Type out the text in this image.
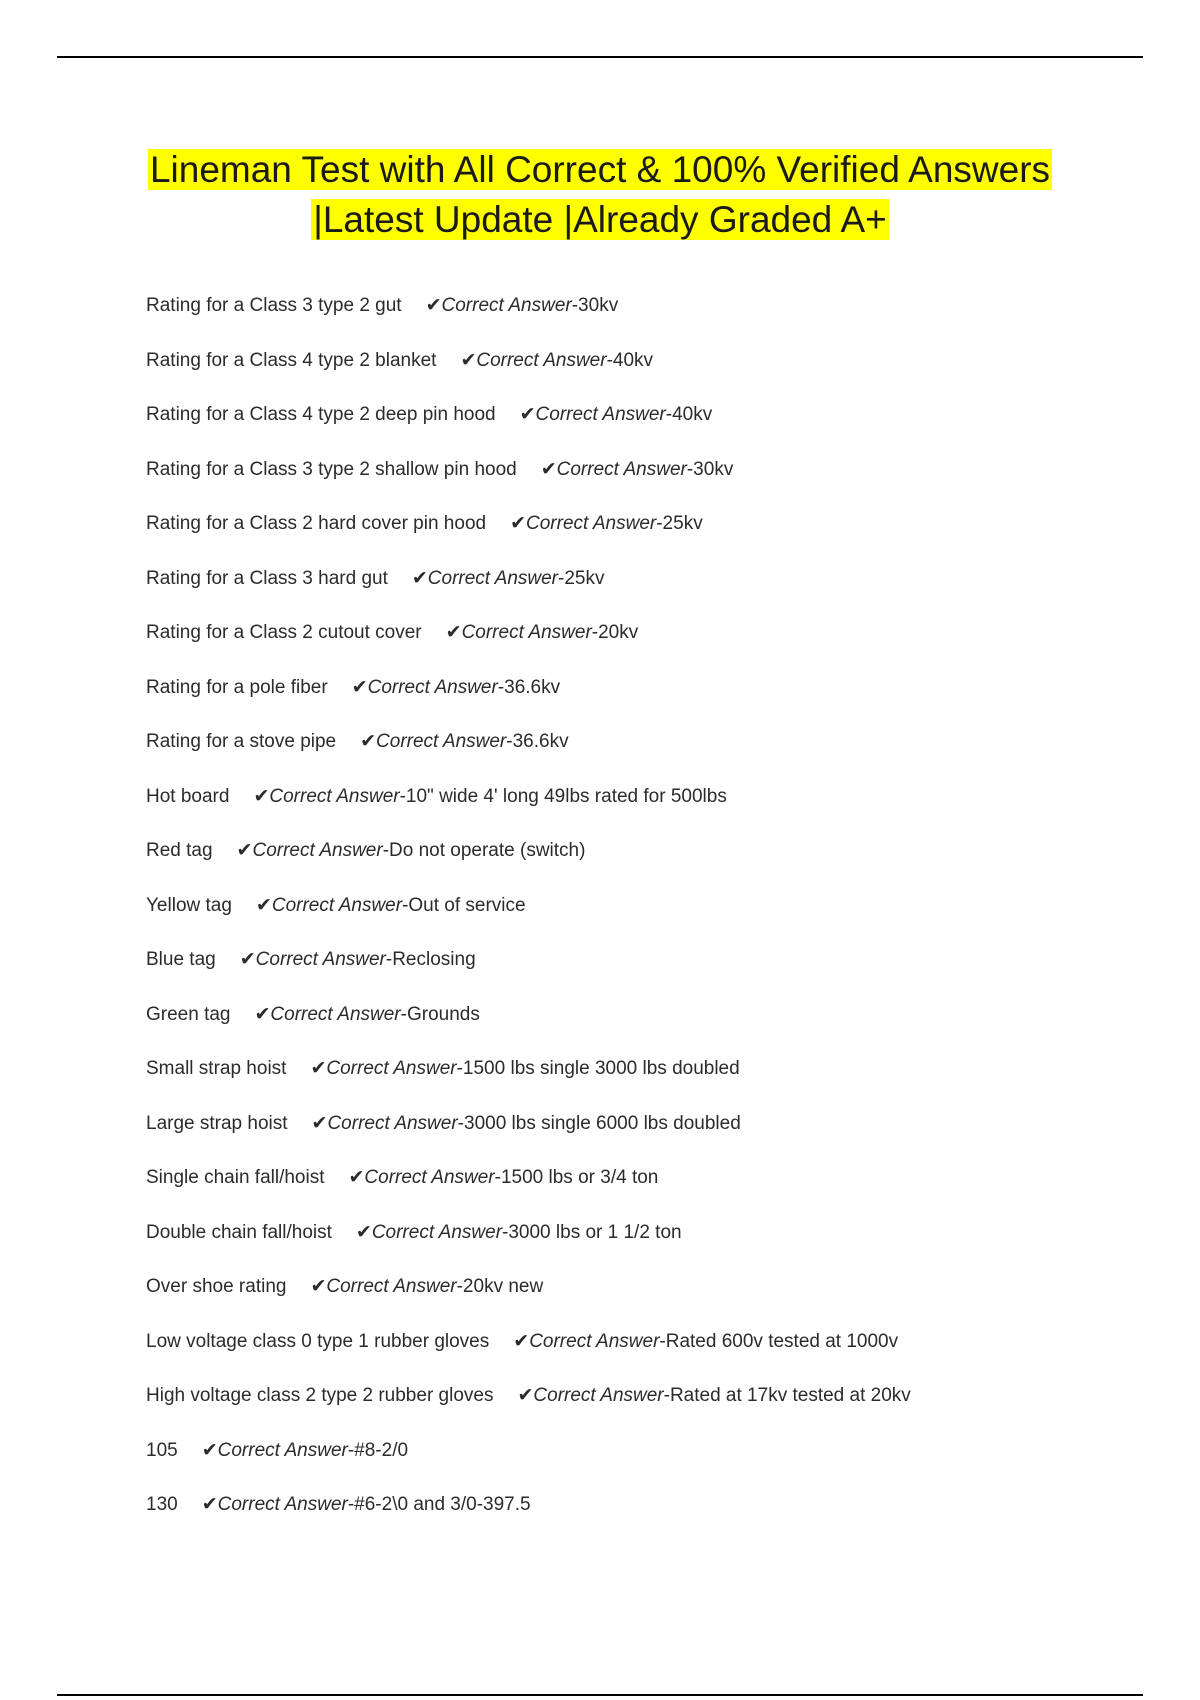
Lineman Test with All Correct & 100% Verified Answers
|Latest Update |Already Graded A+
Rating for a Class 3 type 2 gut ✔Correct Answer-30kv
Rating for a Class 4 type 2 blanket ✔Correct Answer-40kv
Rating for a Class 4 type 2 deep pin hood ✔Correct Answer-40kv
Rating for a Class 3 type 2 shallow pin hood ✔Correct Answer-30kv
Rating for a Class 2 hard cover pin hood ✔Correct Answer-25kv
Rating for a Class 3 hard gut ✔Correct Answer-25kv
Rating for a Class 2 cutout cover ✔Correct Answer-20kv
Rating for a pole fiber ✔Correct Answer-36.6kv
Rating for a stove pipe ✔Correct Answer-36.6kv
Hot board ✔Correct Answer-10" wide 4' long 49lbs rated for 500lbs
Red tag ✔Correct Answer-Do not operate (switch)
Yellow tag ✔Correct Answer-Out of service
Blue tag ✔Correct Answer-Reclosing
Green tag ✔Correct Answer-Grounds
Small strap hoist ✔Correct Answer-1500 lbs single 3000 lbs doubled
Large strap hoist ✔Correct Answer-3000 lbs single 6000 lbs doubled
Single chain fall/hoist ✔Correct Answer-1500 lbs or 3/4 ton
Double chain fall/hoist ✔Correct Answer-3000 lbs or 1 1/2 ton
Over shoe rating ✔Correct Answer-20kv new
Low voltage class 0 type 1 rubber gloves ✔Correct Answer-Rated 600v tested at 1000v
High voltage class 2 type 2 rubber gloves ✔Correct Answer-Rated at 17kv tested at 20kv
105 ✔Correct Answer-#8-2/0
130 ✔Correct Answer-#6-2\0 and 3/0-397.5
